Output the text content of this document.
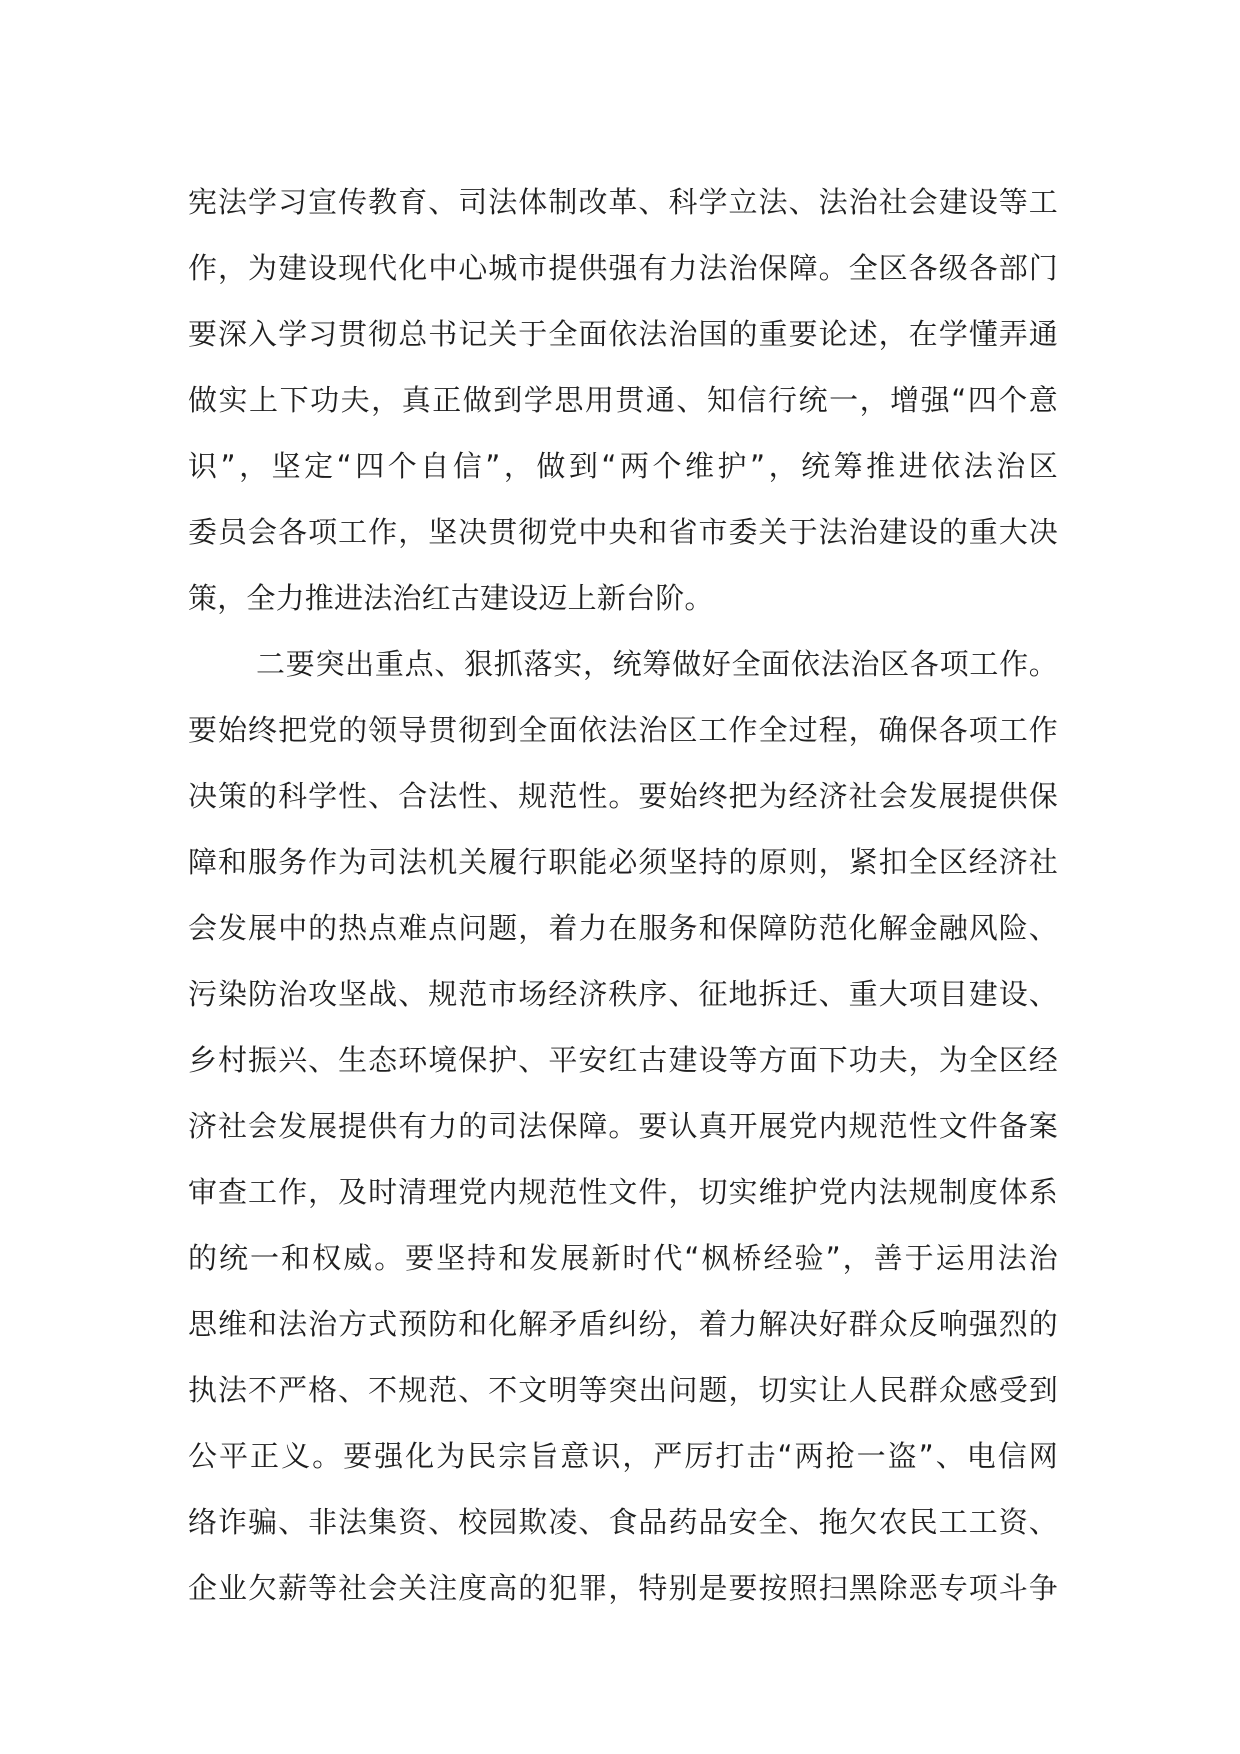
宪法学习宣传教育、司法体制改革、科学立法、法治社会建设等工
作，为建设现代化中心城市提供强有力法治保障。全区各级各部门
要深入学习贯彻总书记关于全面依法治国的重要论述，在学懂弄通
做实上下功夫，真正做到学思用贯通、知信行统一，增强“四个意
识”，坚定“四个自信”，做到“两个维护”，统筹推进依法治区
委员会各项工作，坚决贯彻党中央和省市委关于法治建设的重大决
策，全力推进法治红古建设迈上新台阶。
二要突出重点、狠抓落实，统筹做好全面依法治区各项工作。
要始终把党的领导贯彻到全面依法治区工作全过程，确保各项工作
决策的科学性、合法性、规范性。要始终把为经济社会发展提供保
障和服务作为司法机关履行职能必须坚持的原则，紧扣全区经济社
会发展中的热点难点问题，着力在服务和保障防范化解金融风险、
污染防治攻坚战、规范市场经济秩序、征地拆迁、重大项目建设、
乡村振兴、生态环境保护、平安红古建设等方面下功夫，为全区经
济社会发展提供有力的司法保障。要认真开展党内规范性文件备案
审查工作，及时清理党内规范性文件，切实维护党内法规制度体系
的统一和权威。要坚持和发展新时代“枫桥经验”，善于运用法治
思维和法治方式预防和化解矛盾纠纷，着力解决好群众反响强烈的
执法不严格、不规范、不文明等突出问题，切实让人民群众感受到
公平正义。要强化为民宗旨意识，严厉打击“两抢一盗”、电信网
络诈骗、非法集资、校园欺凌、食品药品安全、拖欠农民工工资、
企业欠薪等社会关注度高的犯罪，特别是要按照扫黑除恶专项斗争
